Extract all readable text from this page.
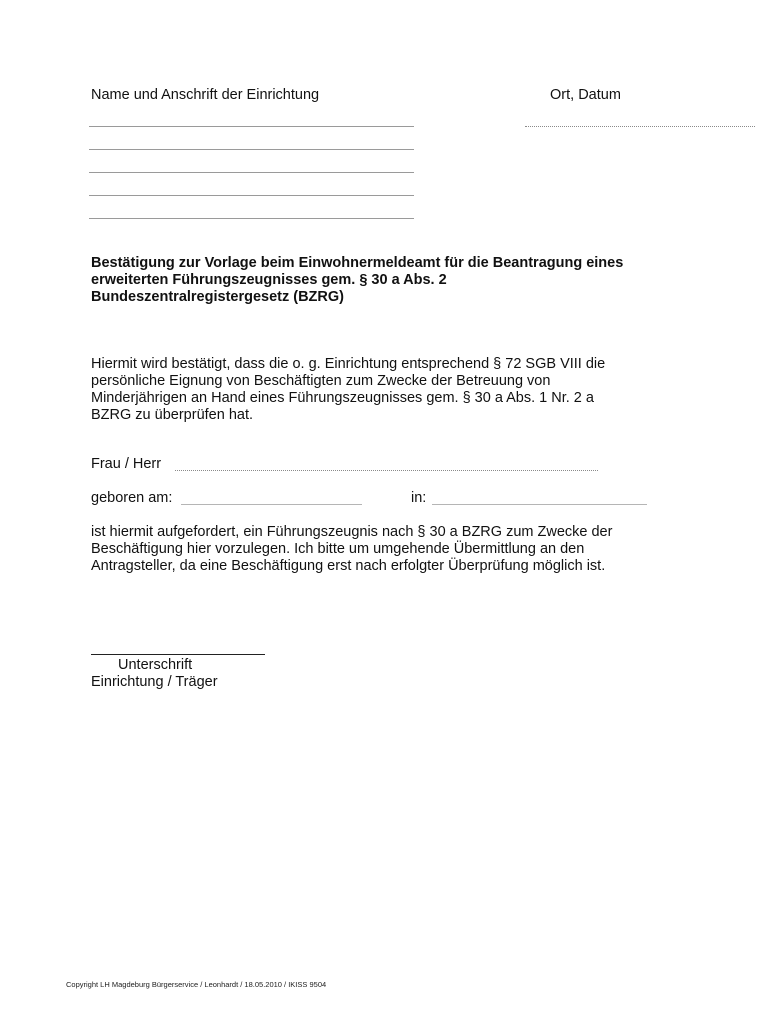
Name und Anschrift der Einrichtung	Ort, Datum
Bestätigung zur Vorlage beim Einwohnermeldeamt für die Beantragung eines
erweiterten Führungszeugnisses gem. § 30 a Abs. 2
Bundeszentralregistergesetz (BZRG)
Hiermit wird bestätigt, dass die o. g. Einrichtung entsprechend § 72 SGB VIII die
persönliche Eignung von Beschäftigten zum Zwecke der Betreuung von
Minderjährigen an Hand eines Führungszeugnisses gem. § 30 a Abs. 1 Nr. 2 a
BZRG zu überprüfen hat.
Frau / Herr
geboren am:	in:
ist hiermit aufgefordert, ein Führungszeugnis nach § 30 a BZRG zum Zwecke der
Beschäftigung hier vorzulegen. Ich bitte um umgehende Übermittlung an den
Antragsteller, da eine Beschäftigung erst nach erfolgter Überprüfung möglich ist.
Unterschrift
Einrichtung / Träger
Copyright LH Magdeburg Bürgerservice / Leonhardt / 18.05.2010 / IKISS 9504
